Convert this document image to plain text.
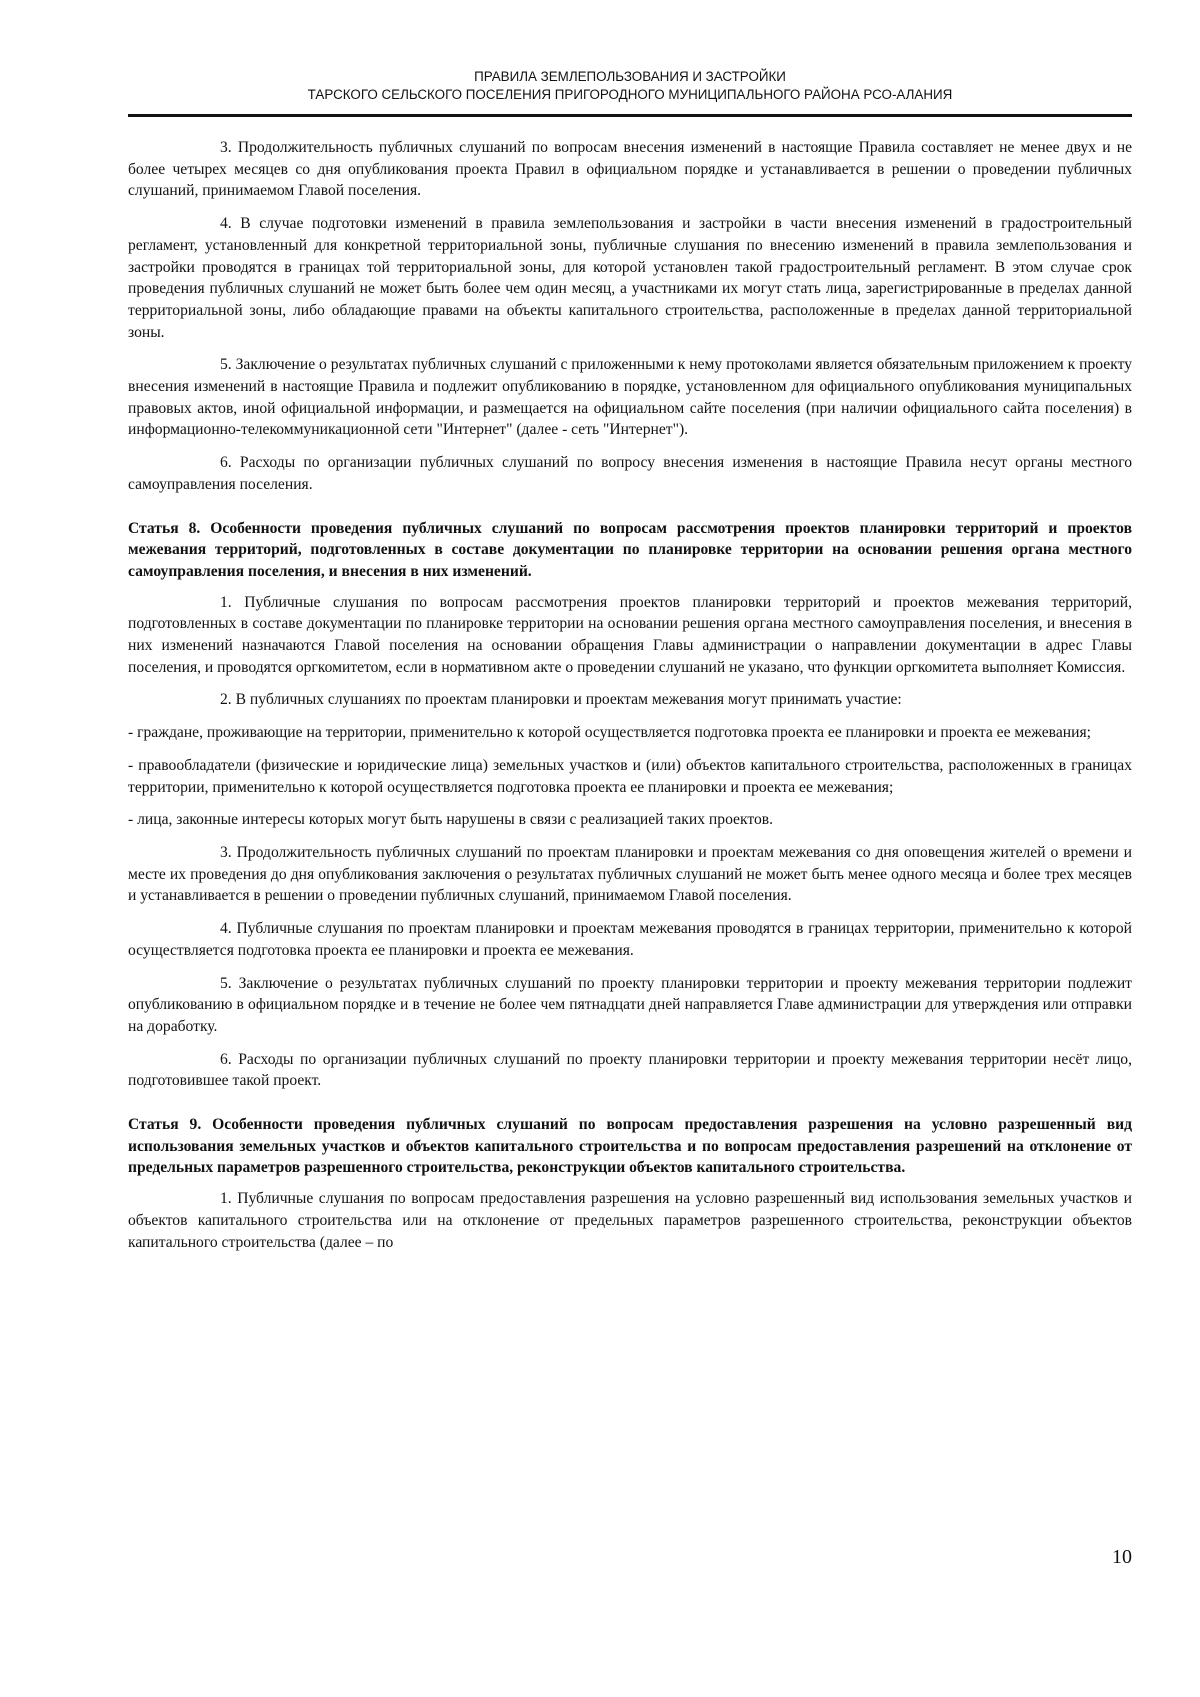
ПРАВИЛА ЗЕМЛЕПОЛЬЗОВАНИЯ И ЗАСТРОЙКИ
ТАРСКОГО СЕЛЬСКОГО ПОСЕЛЕНИЯ ПРИГОРОДНОГО МУНИЦИПАЛЬНОГО РАЙОНА РСО-АЛАНИЯ

3. Продолжительность публичных слушаний по вопросам внесения изменений в настоящие Правила составляет не менее двух и не более четырех месяцев со дня опубликования проекта Правил в официальном порядке и устанавливается в решении о проведении публичных слушаний, принимаемом Главой поселения.

4. В случае подготовки изменений в правила землепользования и застройки в части внесения изменений в градостроительный регламент, установленный для конкретной территориальной зоны, публичные слушания по внесению изменений в правила землепользования и застройки проводятся в границах той территориальной зоны, для которой установлен такой градостроительный регламент. В этом случае срок проведения публичных слушаний не может быть более чем один месяц, а участниками их могут стать лица, зарегистрированные в пределах данной территориальной зоны, либо обладающие правами на объекты капитального строительства, расположенные в пределах данной территориальной зоны.

5. Заключение о результатах публичных слушаний с приложенными к нему протоколами является обязательным приложением к проекту внесения изменений в настоящие Правила и подлежит опубликованию в порядке, установленном для официального опубликования муниципальных правовых актов, иной официальной информации, и размещается на официальном сайте поселения (при наличии официального сайта поселения) в информационно-телекоммуникационной сети "Интернет" (далее - сеть "Интернет").

6. Расходы по организации публичных слушаний по вопросу внесения изменения в настоящие Правила несут органы местного самоуправления поселения.

Статья 8. Особенности проведения публичных слушаний по вопросам рассмотрения проектов планировки территорий и проектов межевания территорий, подготовленных в составе документации по планировке территории на основании решения органа местного самоуправления поселения, и внесения в них изменений.

1. Публичные слушания по вопросам рассмотрения проектов планировки территорий и проектов межевания территорий, подготовленных в составе документации по планировке территории на основании решения органа местного самоуправления поселения, и внесения в них изменений назначаются Главой поселения на основании обращения Главы администрации о направлении документации в адрес Главы поселения, и проводятся оргкомитетом, если в нормативном акте о проведении слушаний не указано, что функции оргкомитета выполняет Комиссия.

2. В публичных слушаниях по проектам планировки и проектам межевания могут принимать участие:

- граждане, проживающие на территории, применительно к которой осуществляется подготовка проекта ее планировки и проекта ее межевания;

- правообладатели (физические и юридические лица) земельных участков и (или) объектов капитального строительства, расположенных в границах территории, применительно к которой осуществляется подготовка проекта ее планировки и проекта ее межевания;

- лица, законные интересы которых могут быть нарушены в связи с реализацией таких проектов.

3. Продолжительность публичных слушаний по проектам планировки и проектам межевания со дня оповещения жителей о времени и месте их проведения до дня опубликования заключения о результатах публичных слушаний не может быть менее одного месяца и более трех месяцев и устанавливается в решении о проведении публичных слушаний, принимаемом Главой поселения.

4. Публичные слушания по проектам планировки и проектам межевания проводятся в границах территории, применительно к которой осуществляется подготовка проекта ее планировки и проекта ее межевания.

5. Заключение о результатах публичных слушаний по проекту планировки территории и проекту межевания территории подлежит опубликованию в официальном порядке и в течение не более чем пятнадцати дней направляется Главе администрации для утверждения или отправки на доработку.

6. Расходы по организации публичных слушаний по проекту планировки территории и проекту межевания территории несёт лицо, подготовившее такой проект.

Статья 9. Особенности проведения публичных слушаний по вопросам предоставления разрешения на условно разрешенный вид использования земельных участков и объектов капитального строительства и по вопросам предоставления разрешений на отклонение от предельных параметров разрешенного строительства, реконструкции объектов капитального строительства.

1. Публичные слушания по вопросам предоставления разрешения на условно разрешенный вид использования земельных участков и объектов капитального строительства или на отклонение от предельных параметров разрешенного строительства, реконструкции объектов капитального строительства (далее – по

10
